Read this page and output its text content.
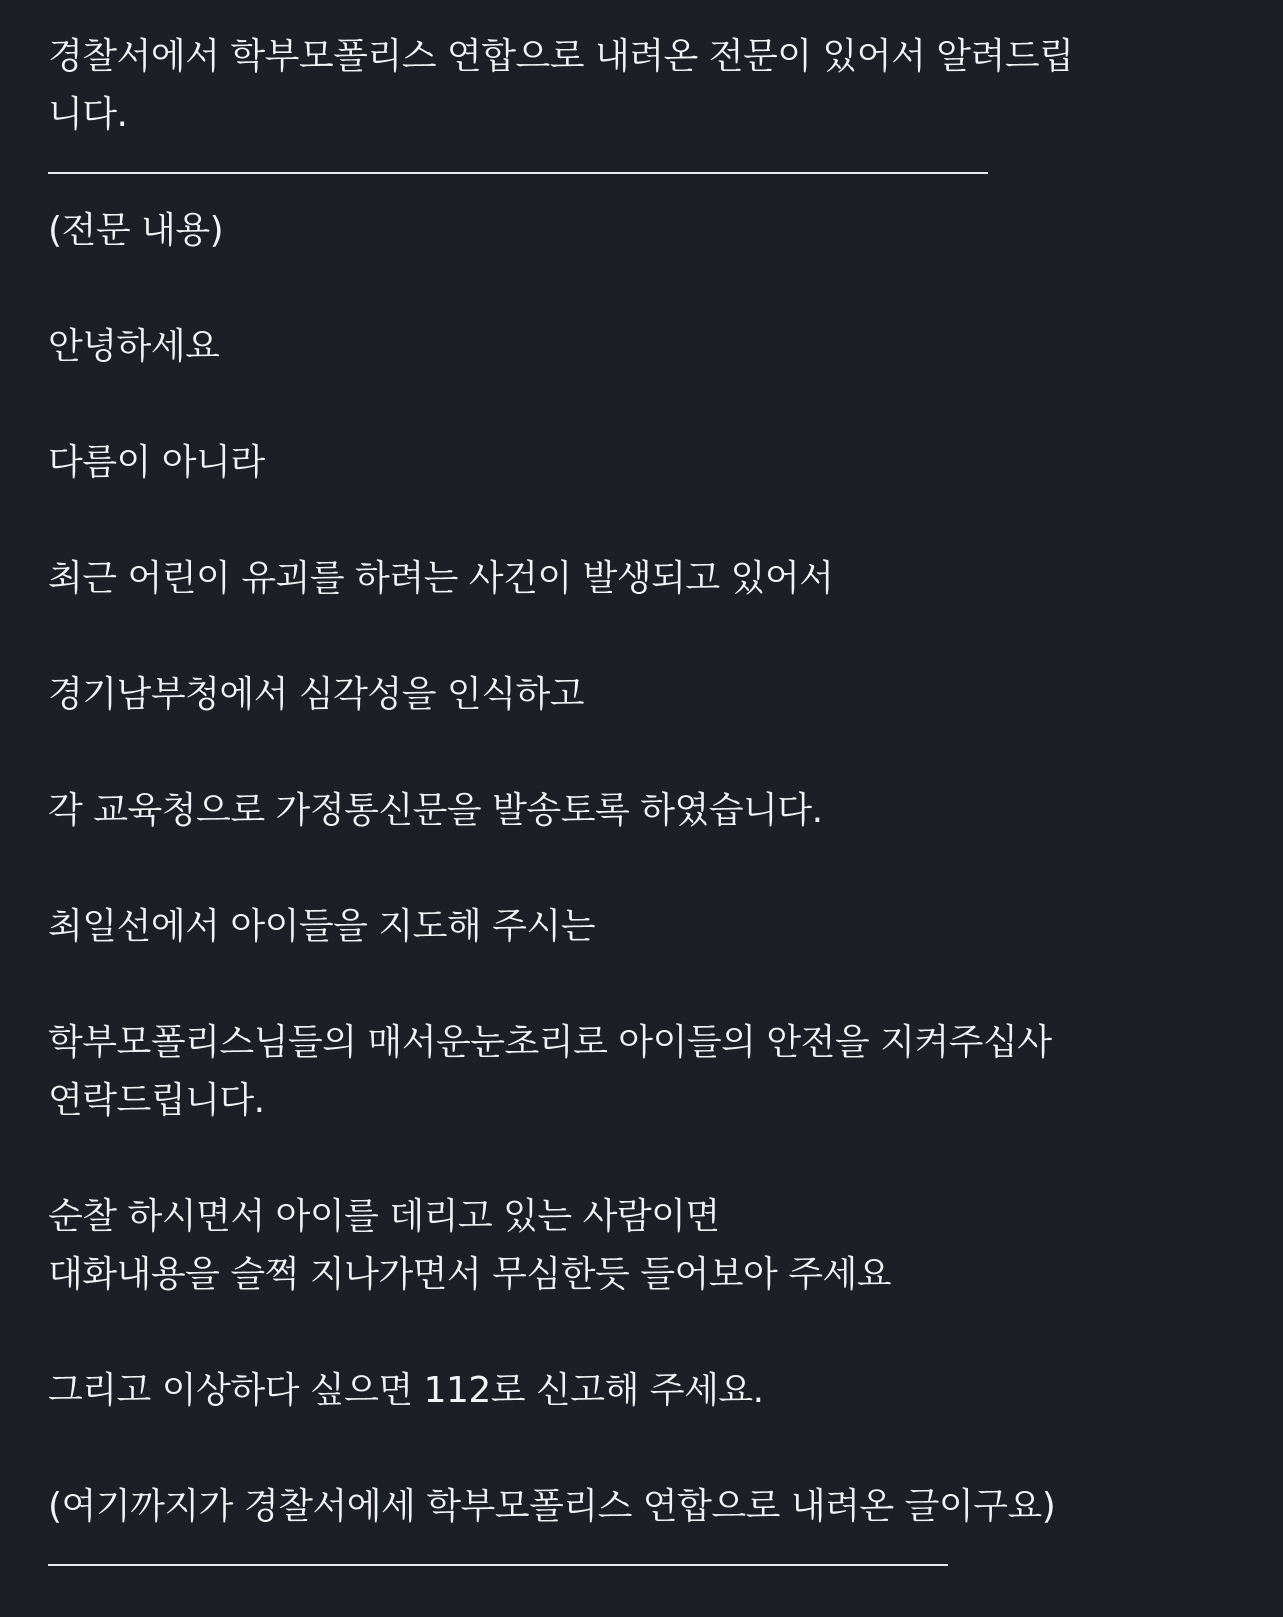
경찰서에서 학부모폴리스 연합으로 내려온 전문이 있어서 알려드립
니다.
(전문 내용)
안녕하세요
다름이 아니라
최근 어린이 유괴를 하려는 사건이 발생되고 있어서
경기남부청에서 심각성을 인식하고
각 교육청으로 가정통신문을 발송토록 하였습니다.
최일선에서 아이들을 지도해 주시는
학부모폴리스님들의 매서운눈초리로 아이들의 안전을 지켜주십사
연락드립니다.
순찰 하시면서 아이를 데리고 있는 사람이면
대화내용을 슬쩍 지나가면서 무심한듯 들어보아 주세요
그리고 이상하다 싶으면 112로 신고해 주세요.
(여기까지가 경찰서에세 학부모폴리스 연합으로 내려온 글이구요)
